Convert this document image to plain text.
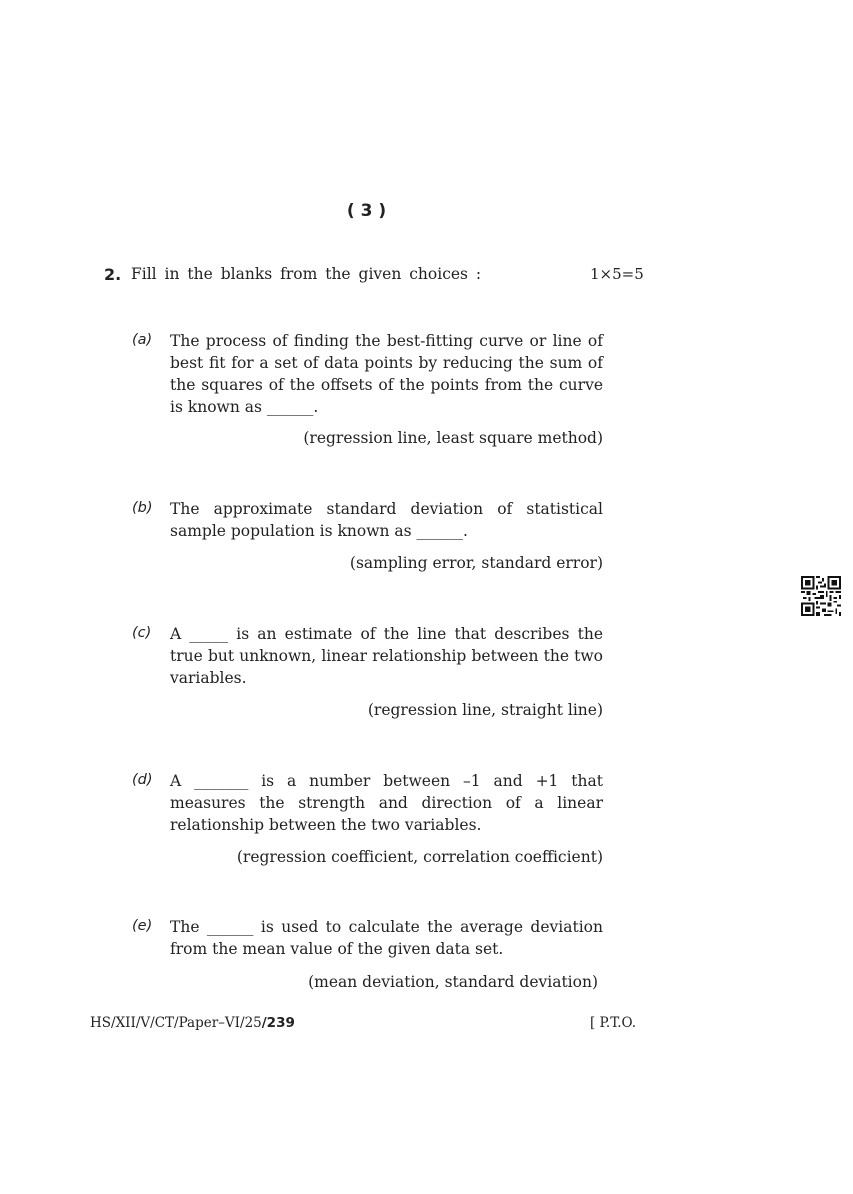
( 3 )
2. Fill in the blanks from the given choices :	1×5=5
(a) The process of finding the best-fitting curve or line of best fit for a set of data points by reducing the sum of the squares of the offsets of the points from the curve is known as ______.
(regression line, least square method)
(b) The approximate standard deviation of statistical sample population is known as ______.
(sampling error, standard error)
(c) A _____ is an estimate of the line that describes the true but unknown, linear relationship between the two variables.
(regression line, straight line)
(d) A _______ is a number between –1 and +1 that measures the strength and direction of a linear relationship between the two variables.
(regression coefficient, correlation coefficient)
(e) The ______ is used to calculate the average deviation from the mean value of the given data set.
(mean deviation, standard deviation)
HS/XII/V/CT/Paper–VI/25/239	[ P.T.O.
